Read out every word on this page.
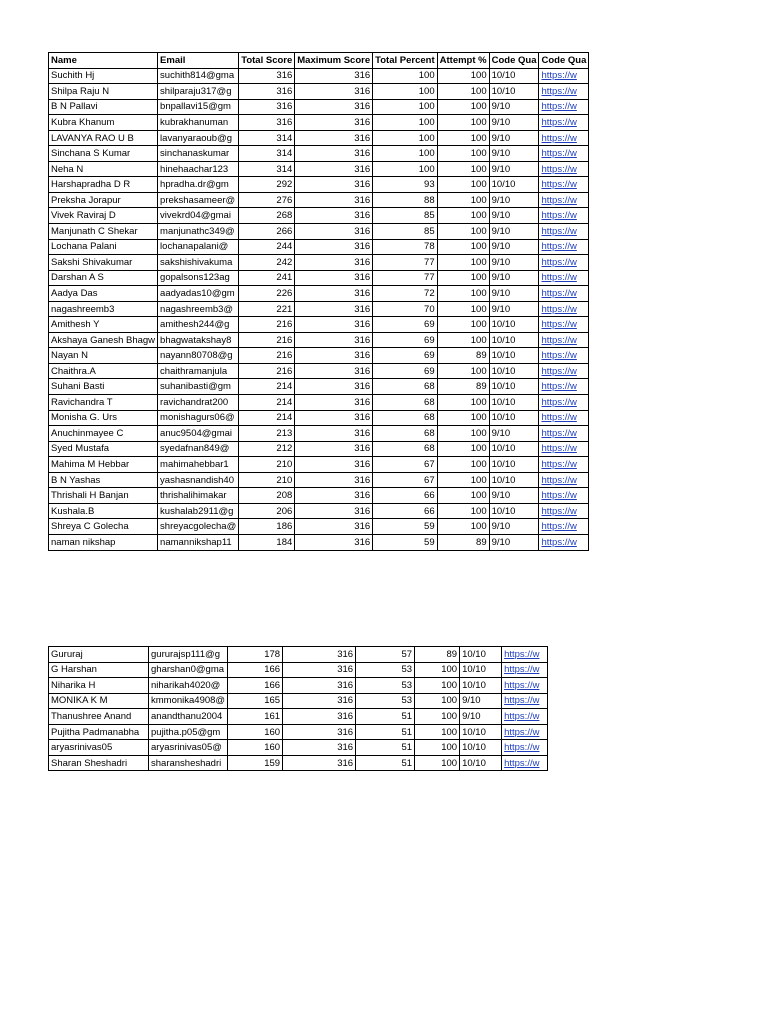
Name	Email	Total Score	Maximum Score	Total Percent	Attempt %	Code Qua	Code Qua
Suchith Hj	suchith814@gma	316	316	100	100	10/10	https://w
Shilpa Raju N	shilparaju317@g	316	316	100	100	10/10	https://w
B N Pallavi	bnpallavi15@gm	316	316	100	100	9/10	https://w
Kubra Khanum	kubrakhanuman	316	316	100	100	9/10	https://w
LAVANYA RAO U B	lavanyaraoub@g	314	316	100	100	9/10	https://w
Sinchana S Kumar	sinchanaskumar	314	316	100	100	9/10	https://w
Neha N	hinehaachar123	314	316	100	100	9/10	https://w
Harshapradha D R	hpradha.dr@gm	292	316	93	100	10/10	https://w
Preksha Jorapur	prekshasameer@	276	316	88	100	9/10	https://w
Vivek Raviraj D	vivekrd04@gmai	268	316	85	100	9/10	https://w
Manjunath C Shekar	manjunathc349@	266	316	85	100	9/10	https://w
Lochana Palani	lochanapalani@	244	316	78	100	9/10	https://w
Sakshi Shivakumar	sakshishivakuma	242	316	77	100	9/10	https://w
Darshan A S	gopalsons123ag	241	316	77	100	9/10	https://w
Aadya Das	aadyadas10@gm	226	316	72	100	9/10	https://w
nagashreemb3	nagashreemb3@	221	316	70	100	9/10	https://w
Amithesh Y	amithesh244@g	216	316	69	100	10/10	https://w
Akshaya Ganesh Bhagw	bhagwatakshay8	216	316	69	100	10/10	https://w
Nayan N	nayann80708@g	216	316	69	89	10/10	https://w
Chaithra.A	chaithramanjula	216	316	69	100	10/10	https://w
Suhani Basti	suhanibasti@gm	214	316	68	89	10/10	https://w
Ravichandra T	ravichandrat200	214	316	68	100	10/10	https://w
Monisha G. Urs	monishagurs06@	214	316	68	100	10/10	https://w
Anuchinmayee C	anuc9504@gmai	213	316	68	100	9/10	https://w
Syed Mustafa	syedafnan849@	212	316	68	100	10/10	https://w
Mahima M Hebbar	mahimahebbar1	210	316	67	100	10/10	https://w
B N Yashas	yashasnandish40	210	316	67	100	10/10	https://w
Thrishali H Banjan	thrishalihimakar	208	316	66	100	9/10	https://w
Kushala.B	kushalab2911@g	206	316	66	100	10/10	https://w
Shreya C Golecha	shreyacgolecha@	186	316	59	100	9/10	https://w
naman nikshap	namannikshap11	184	316	59	89	9/10	https://w
Gururaj	gururajsp111@g	178	316	57	89	10/10	https://w
G Harshan	gharshan0@gma	166	316	53	100	10/10	https://w
Niharika H	niharikah4020@	166	316	53	100	10/10	https://w
MONIKA K M	kmmonika4908@	165	316	53	100	9/10	https://w
Thanushree Anand	anandthanu2004	161	316	51	100	9/10	https://w
Pujitha Padmanabha	pujitha.p05@gm	160	316	51	100	10/10	https://w
aryasrinivas05	aryasrinivas05@	160	316	51	100	10/10	https://w
Sharan Sheshadri	sharansheshadri	159	316	51	100	10/10	https://w
